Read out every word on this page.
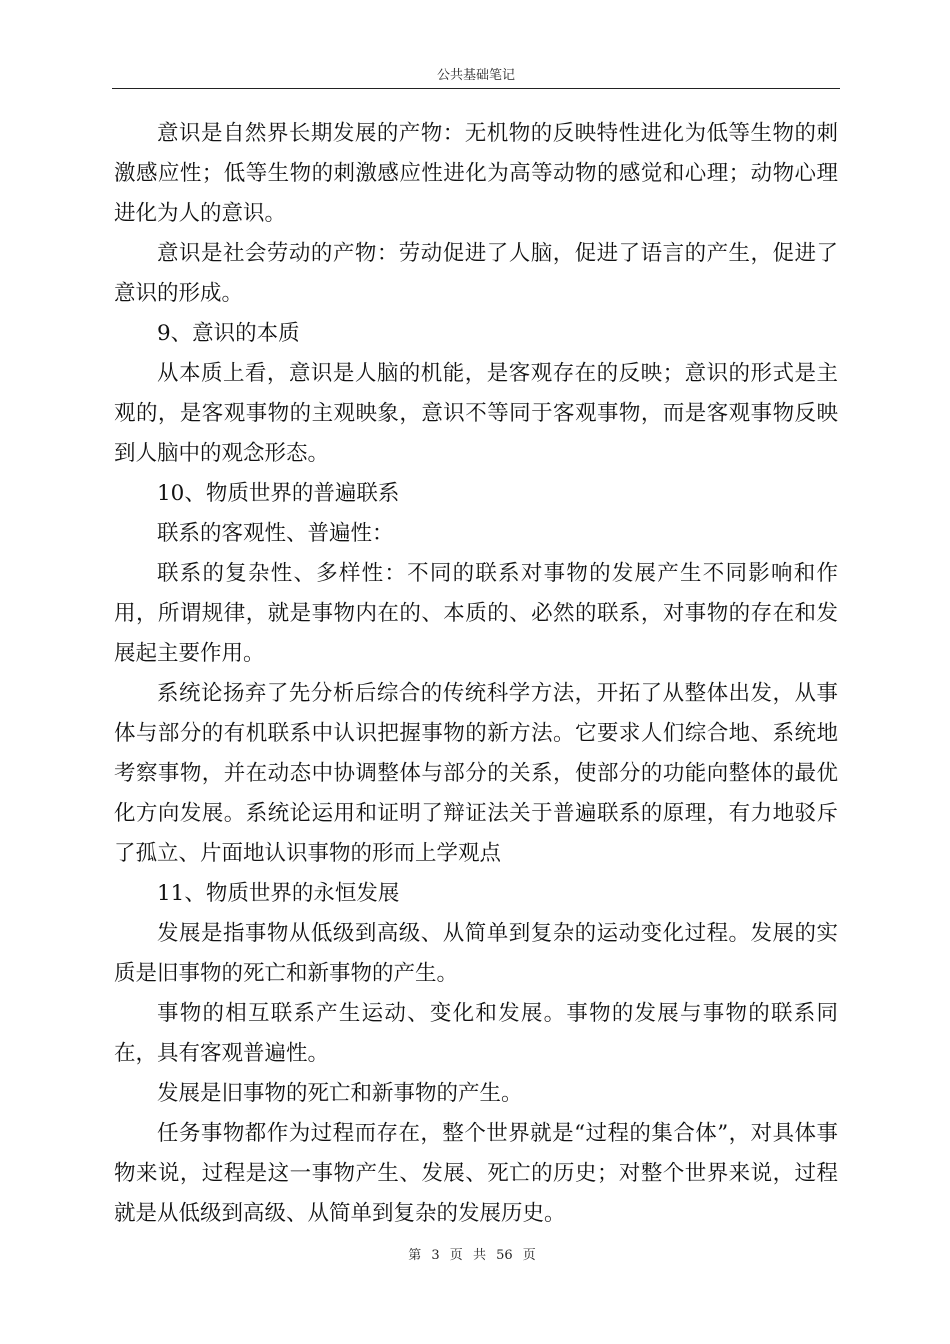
公共基础笔记

意识是自然界长期发展的产物：无机物的反映特性进化为低等生物的刺激感应性；低等生物的刺激感应性进化为高等动物的感觉和心理；动物心理进化为人的意识。

意识是社会劳动的产物：劳动促进了人脑，促进了语言的产生，促进了意识的形成。

9、意识的本质

从本质上看，意识是人脑的机能，是客观存在的反映；意识的形式是主观的，是客观事物的主观映象，意识不等同于客观事物，而是客观事物反映到人脑中的观念形态。

10、物质世界的普遍联系

联系的客观性、普遍性：

联系的复杂性、多样性：不同的联系对事物的发展产生不同影响和作用，所谓规律，就是事物内在的、本质的、必然的联系，对事物的存在和发展起主要作用。

系统论扬弃了先分析后综合的传统科学方法，开拓了从整体出发，从事体与部分的有机联系中认识把握事物的新方法。它要求人们综合地、系统地考察事物，并在动态中协调整体与部分的关系，使部分的功能向整体的最优化方向发展。系统论运用和证明了辩证法关于普遍联系的原理，有力地驳斥了孤立、片面地认识事物的形而上学观点

11、物质世界的永恒发展

发展是指事物从低级到高级、从简单到复杂的运动变化过程。发展的实质是旧事物的死亡和新事物的产生。

事物的相互联系产生运动、变化和发展。事物的发展与事物的联系同在，具有客观普遍性。

发展是旧事物的死亡和新事物的产生。

任务事物都作为过程而存在，整个世界就是“过程的集合体”，对具体事物来说，过程是这一事物产生、发展、死亡的历史；对整个世界来说，过程就是从低级到高级、从简单到复杂的发展历史。

第 3 页 共 56 页
